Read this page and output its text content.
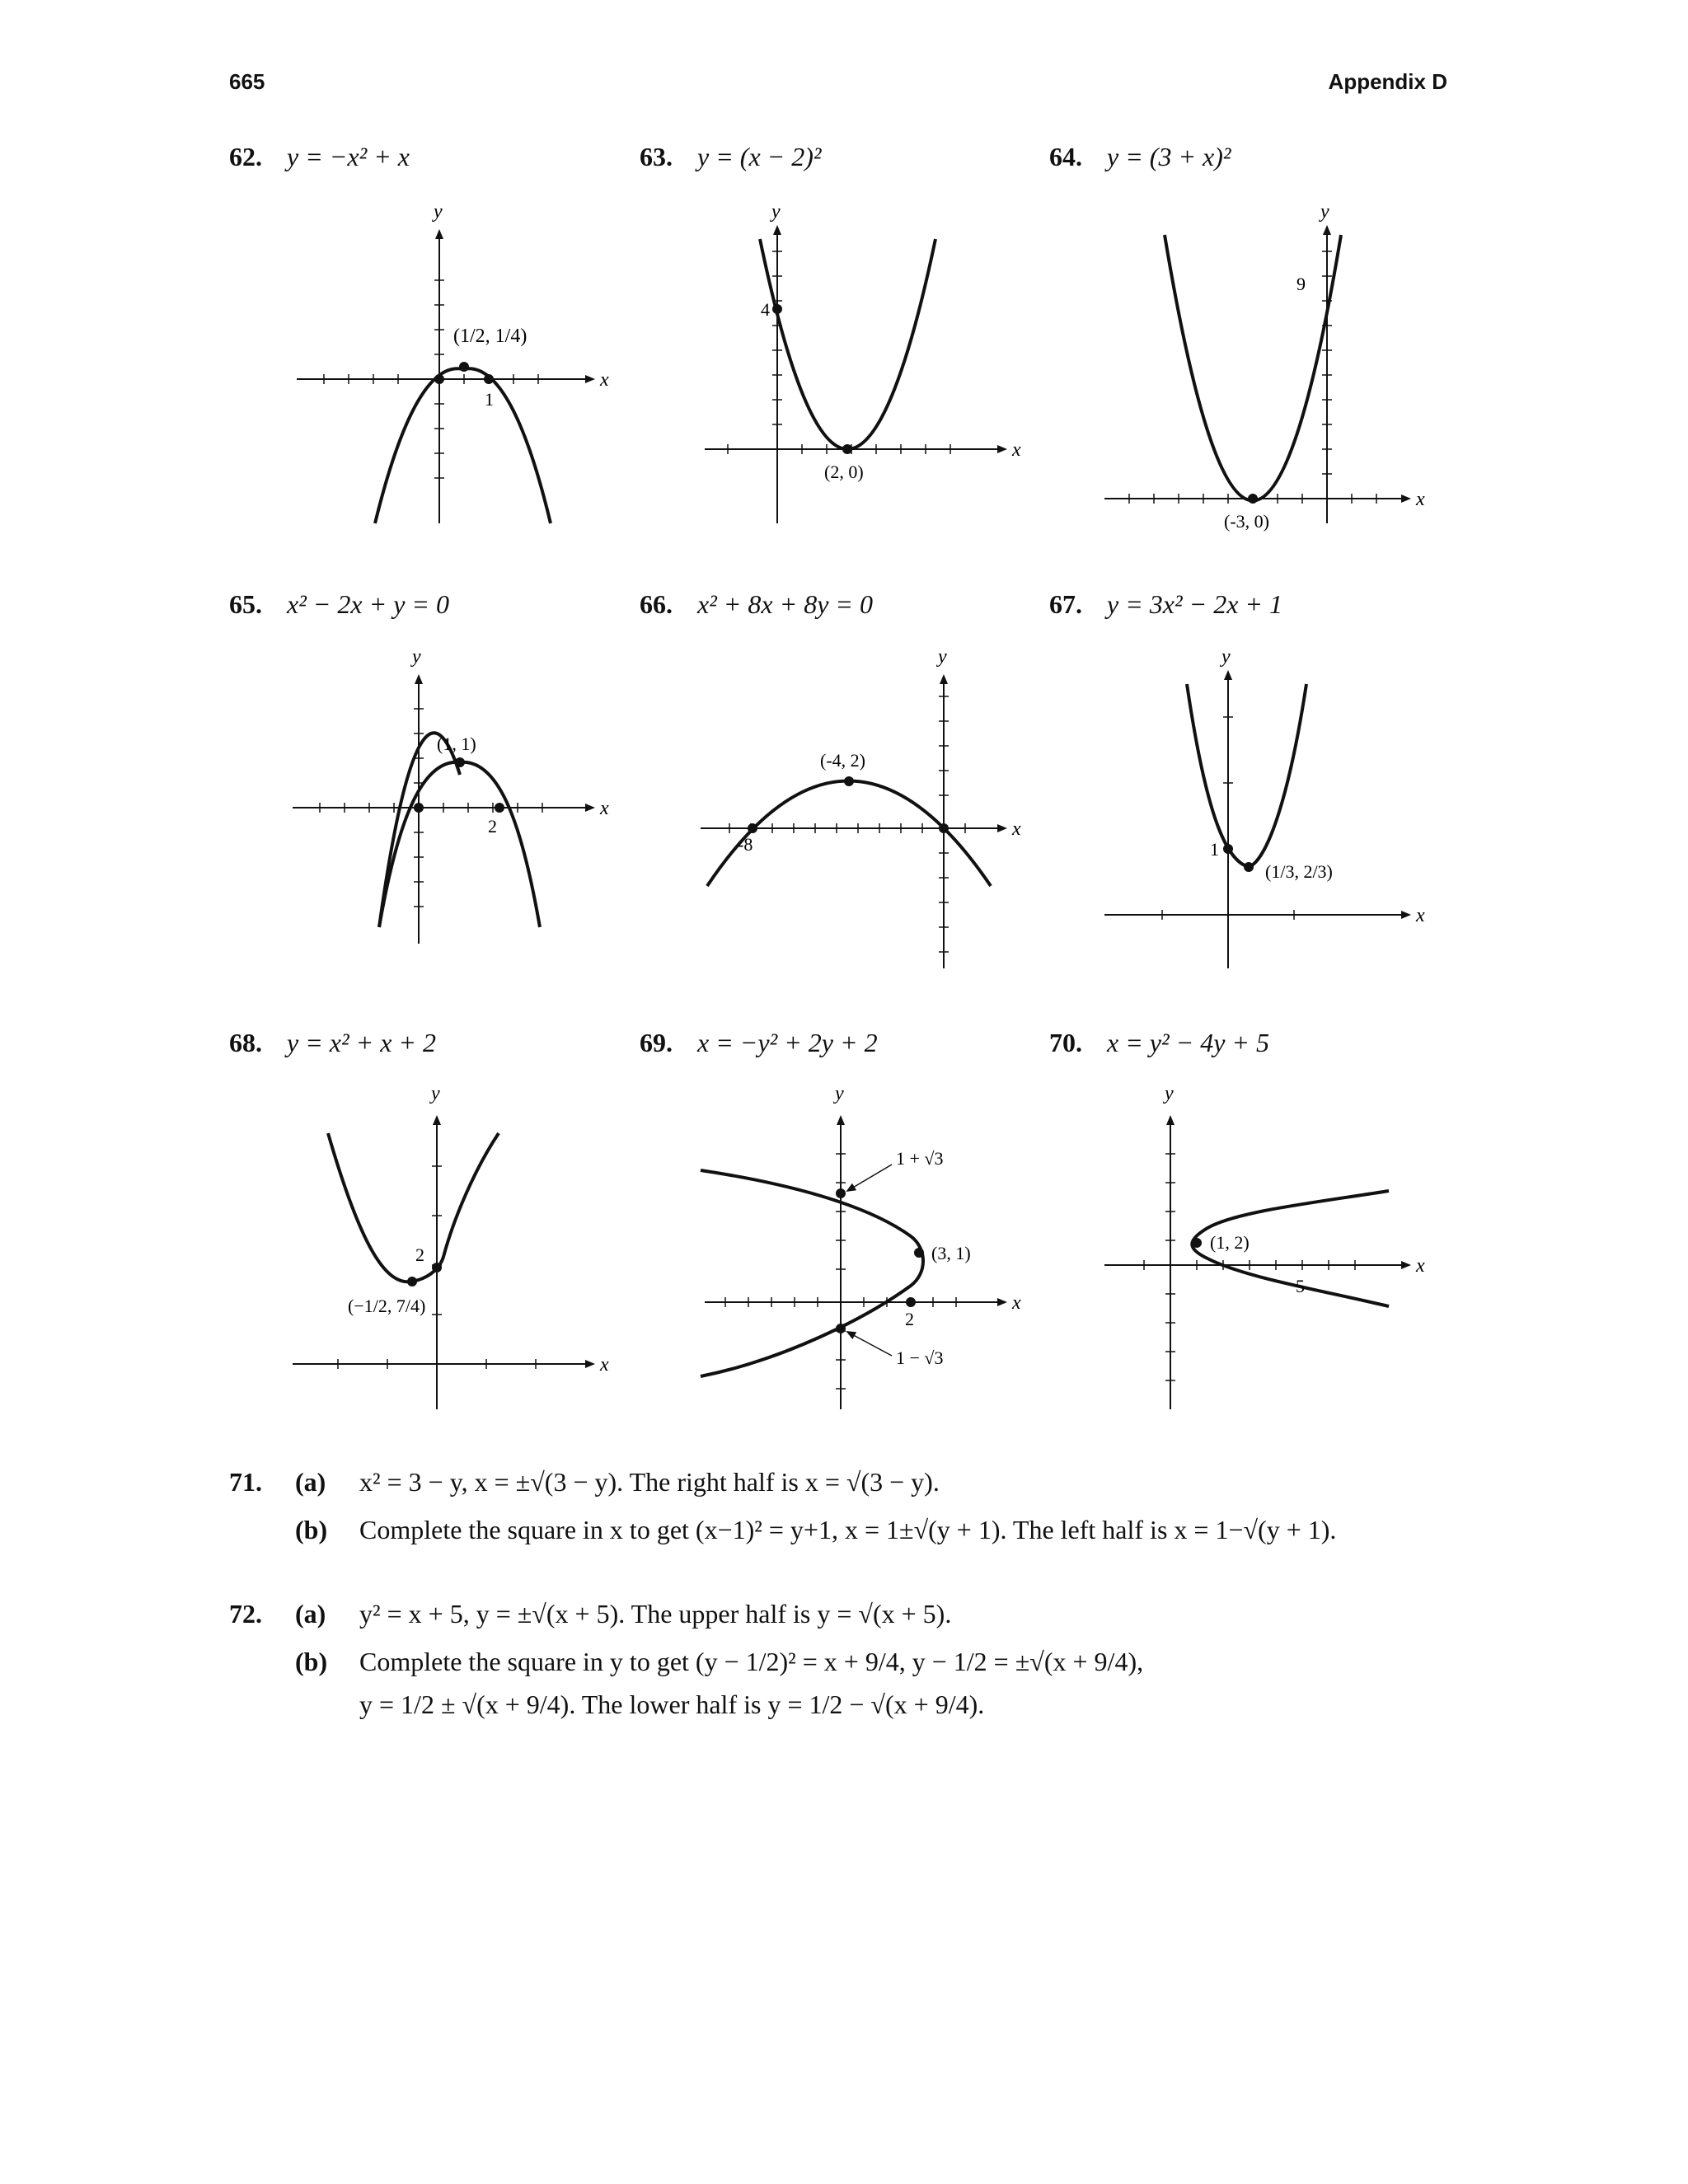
665	Appendix D
62. y = −x² + x	63. y = (x − 2)²	64. y = (3 + x)²
65. x² − 2x + y = 0	66. x² + 8x + 8y = 0	67. y = 3x² − 2x + 1
68. y = x² + x + 2	69. x = −y² + 2y + 2	70. x = y² − 4y + 5
x
y
(1/2, 1/4)
1
4
(2, 0)
x
y
9
(-3, 0)
x
y
(1, 1)
2
x
y
(-4, 2)
-8
x
y
1
(1/3, 2/3)
x
y
2
(−1/2, 7/4)
x
y
1 + √3
1 − √3
(3, 1)
2
x
y
(1, 2)
5
x
y
71. (a) x² = 3 − y, x = ±√(3 − y). The right half is x = √(3 − y).
(b) Complete the square in x to get (x−1)² = y+1, x = 1±√(y + 1). The left half is x = 1−√(y + 1).
72. (a) y² = x + 5, y = ±√(x + 5). The upper half is y = √(x + 5).
(b) Complete the square in y to get (y − 1/2)² = x + 9/4, y − 1/2 = ±√(x + 9/4),
y = 1/2 ± √(x + 9/4). The lower half is y = 1/2 − √(x + 9/4).
